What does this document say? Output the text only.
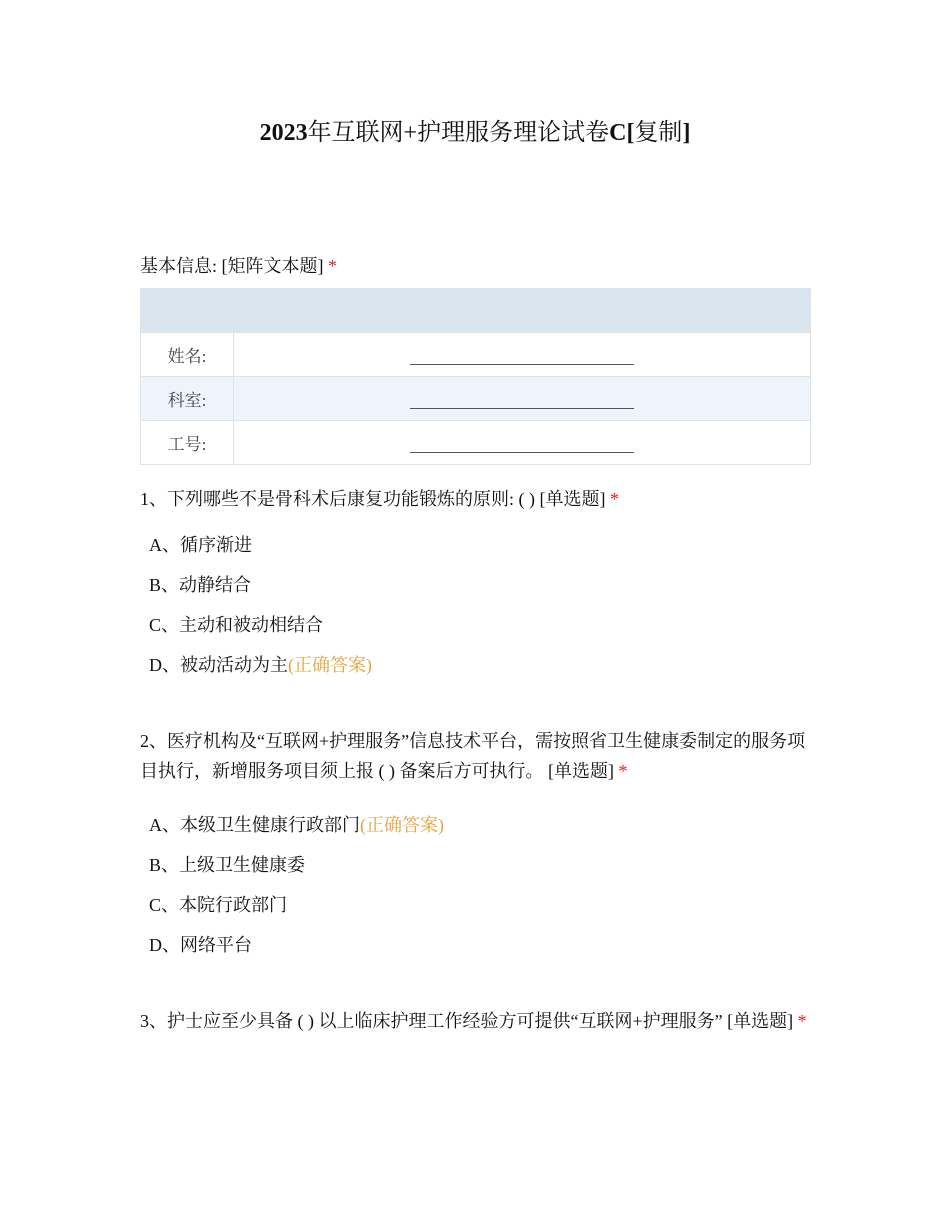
2023年互联网+护理服务理论试卷C[复制]
基本信息: [矩阵文本题] *

姓名:	
科室:	
工号:	
1、下列哪些不是骨科术后康复功能锻炼的原则: ( ) [单选题] *
A、循序渐进
B、动静结合
C、主动和被动相结合
D、被动活动为主(正确答案)
2、医疗机构及“互联网+护理服务”信息技术平台，需按照省卫生健康委制定的服务项目执行，新增服务项目须上报 ( ) 备案后方可执行。 [单选题] *
A、本级卫生健康行政部门(正确答案)
B、上级卫生健康委
C、本院行政部门
D、网络平台
3、护士应至少具备 ( ) 以上临床护理工作经验方可提供“互联网+护理服务” [单选题] *
